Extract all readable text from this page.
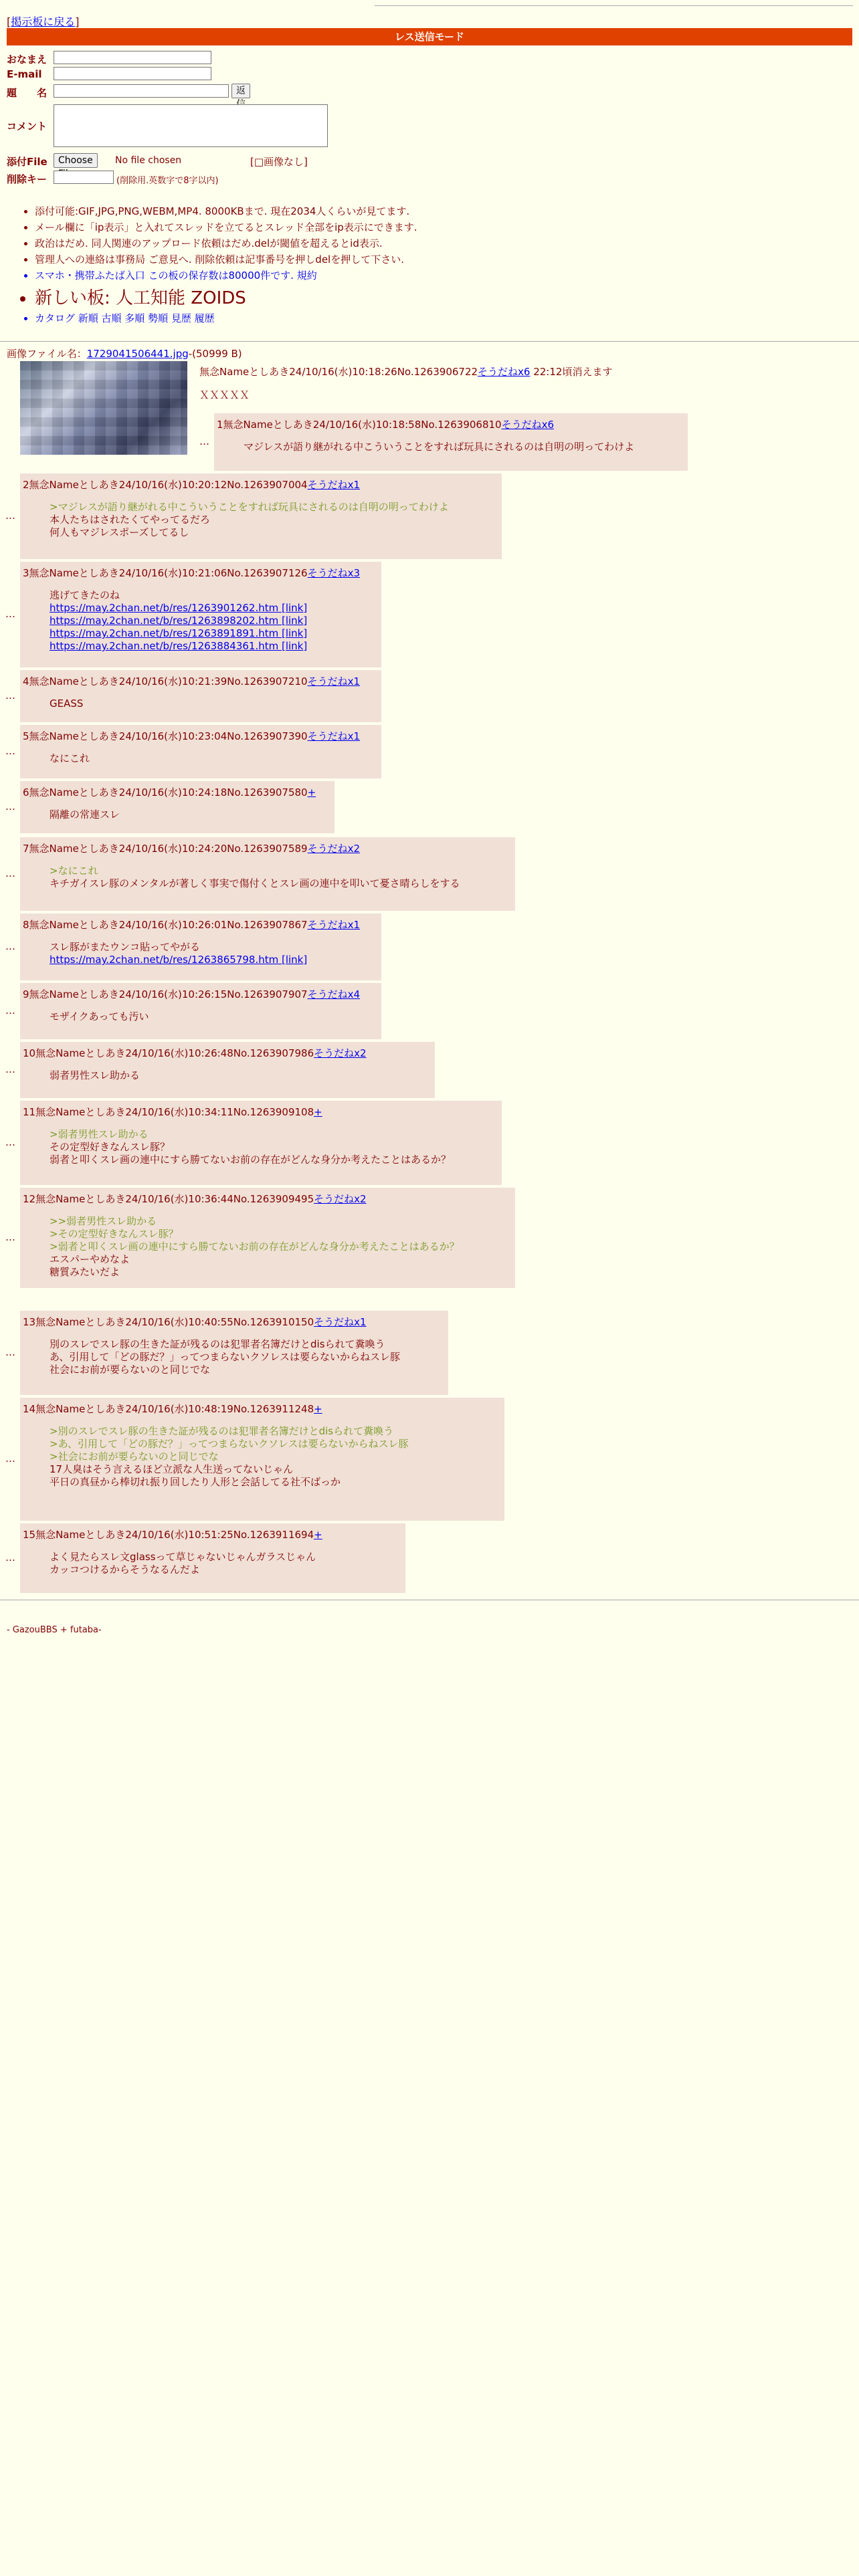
[掲示板に戻る]
レス送信モード
おなまえ
E-mail
題　　名	返
コメント
添付File	Choose	No file chosen	[□画像なし]
削除キー	(削除用.英数字で8字以内)
• 添付可能:GIF,JPG,PNG,WEBM,MP4. 8000KBまで. 現在2034人くらいが見てます.
• メール欄に「ip表示」と入れてスレッドを立てるとスレッド全部をip表示にできます.
• 政治はだめ. 同人関連のアップロード依頼はだめ.delが閾値を超えるとid表示.
• 管理人への連絡は事務局 ご意見へ. 削除依頼は記事番号を押しdelを押して下さい.
• スマホ・携帯ふたば入口 この板の保存数は80000件です. 規約
• 新しい板: 人工知能 ZOIDS
• カタログ 新順 古順 多順 勢順 見歴 履歴
画像ファイル名：1729041506441.jpg-(50999 B)
無念Nameとしあき24/10/16(水)10:18:26No.1263906722そうだねx6 22:12頃消えます
ＸＸＸＸＸ
1無念Nameとしあき24/10/16(水)10:18:58No.1263906810そうだねx6
マジレスが語り継がれる中こういうことをすれば玩具にされるのは自明の明ってわけよ
2無念Nameとしあき24/10/16(水)10:20:12No.1263907004そうだねx1
>マジレスが語り継がれる中こういうことをすれば玩具にされるのは自明の明ってわけよ
本人たちはされたくてやってるだろ
何人もマジレスポーズしてるし
3無念Nameとしあき24/10/16(水)10:21:06No.1263907126そうだねx3
逃げてきたのね
https://may.2chan.net/b/res/1263901262.htm [link]
https://may.2chan.net/b/res/1263898202.htm [link]
https://may.2chan.net/b/res/1263891891.htm [link]
https://may.2chan.net/b/res/1263884361.htm [link]
4無念Nameとしあき24/10/16(水)10:21:39No.1263907210そうだねx1
GEASS
5無念Nameとしあき24/10/16(水)10:23:04No.1263907390そうだねx1
なにこれ
6無念Nameとしあき24/10/16(水)10:24:18No.1263907580+
隔離の常連スレ
7無念Nameとしあき24/10/16(水)10:24:20No.1263907589そうだねx2
>なにこれ
キチガイスレ豚のメンタルが著しく事実で傷付くとスレ画の連中を叩いて憂さ晴らしをする
8無念Nameとしあき24/10/16(水)10:26:01No.1263907867そうだねx1
スレ豚がまたウンコ貼ってやがる
https://may.2chan.net/b/res/1263865798.htm [link]
9無念Nameとしあき24/10/16(水)10:26:15No.1263907907そうだねx4
モザイクあっても汚い
10無念Nameとしあき24/10/16(水)10:26:48No.1263907986そうだねx2
弱者男性スレ助かる
11無念Nameとしあき24/10/16(水)10:34:11No.1263909108+
>弱者男性スレ助かる
その定型好きなんスレ豚？
弱者と叩くスレ画の連中にすら勝てないお前の存在がどんな身分か考えたことはあるか？
12無念Nameとしあき24/10/16(水)10:36:44No.1263909495そうだねx2
>>弱者男性スレ助かる
>その定型好きなんスレ豚？
>弱者と叩くスレ画の連中にすら勝てないお前の存在がどんな身分か考えたことはあるか？
エスパーやめなよ
糖質みたいだよ
13無念Nameとしあき24/10/16(水)10:40:55No.1263910150そうだねx1
別のスレでスレ豚の生きた証が残るのは犯罪者名簿だけとdisられて糞喚う
あ、引用して「どの豚だ？」ってつまらないクソレスは要らないからねスレ豚
社会にお前が要らないのと同じでな
14無念Nameとしあき24/10/16(水)10:48:19No.1263911248+
>別のスレでスレ豚の生きた証が残るのは犯罪者名簿だけとdisられて糞喚う
>あ、引用して「どの豚だ？」ってつまらないクソレスは要らないからねスレ豚
>社会にお前が要らないのと同じでな
17人臭はそう言えるほど立派な人生送ってないじゃん
平日の真昼から棒切れ振り回したり人形と会話してる社不ばっか
15無念Nameとしあき24/10/16(水)10:51:25No.1263911694+
よく見たらスレ文glassって草じゃないじゃんガラスじゃん
カッコつけるからそうなるんだよ
- GazouBBS + futaba-
…
…
…
…
…
…
…
…
…
…
…
…
…
…
…
